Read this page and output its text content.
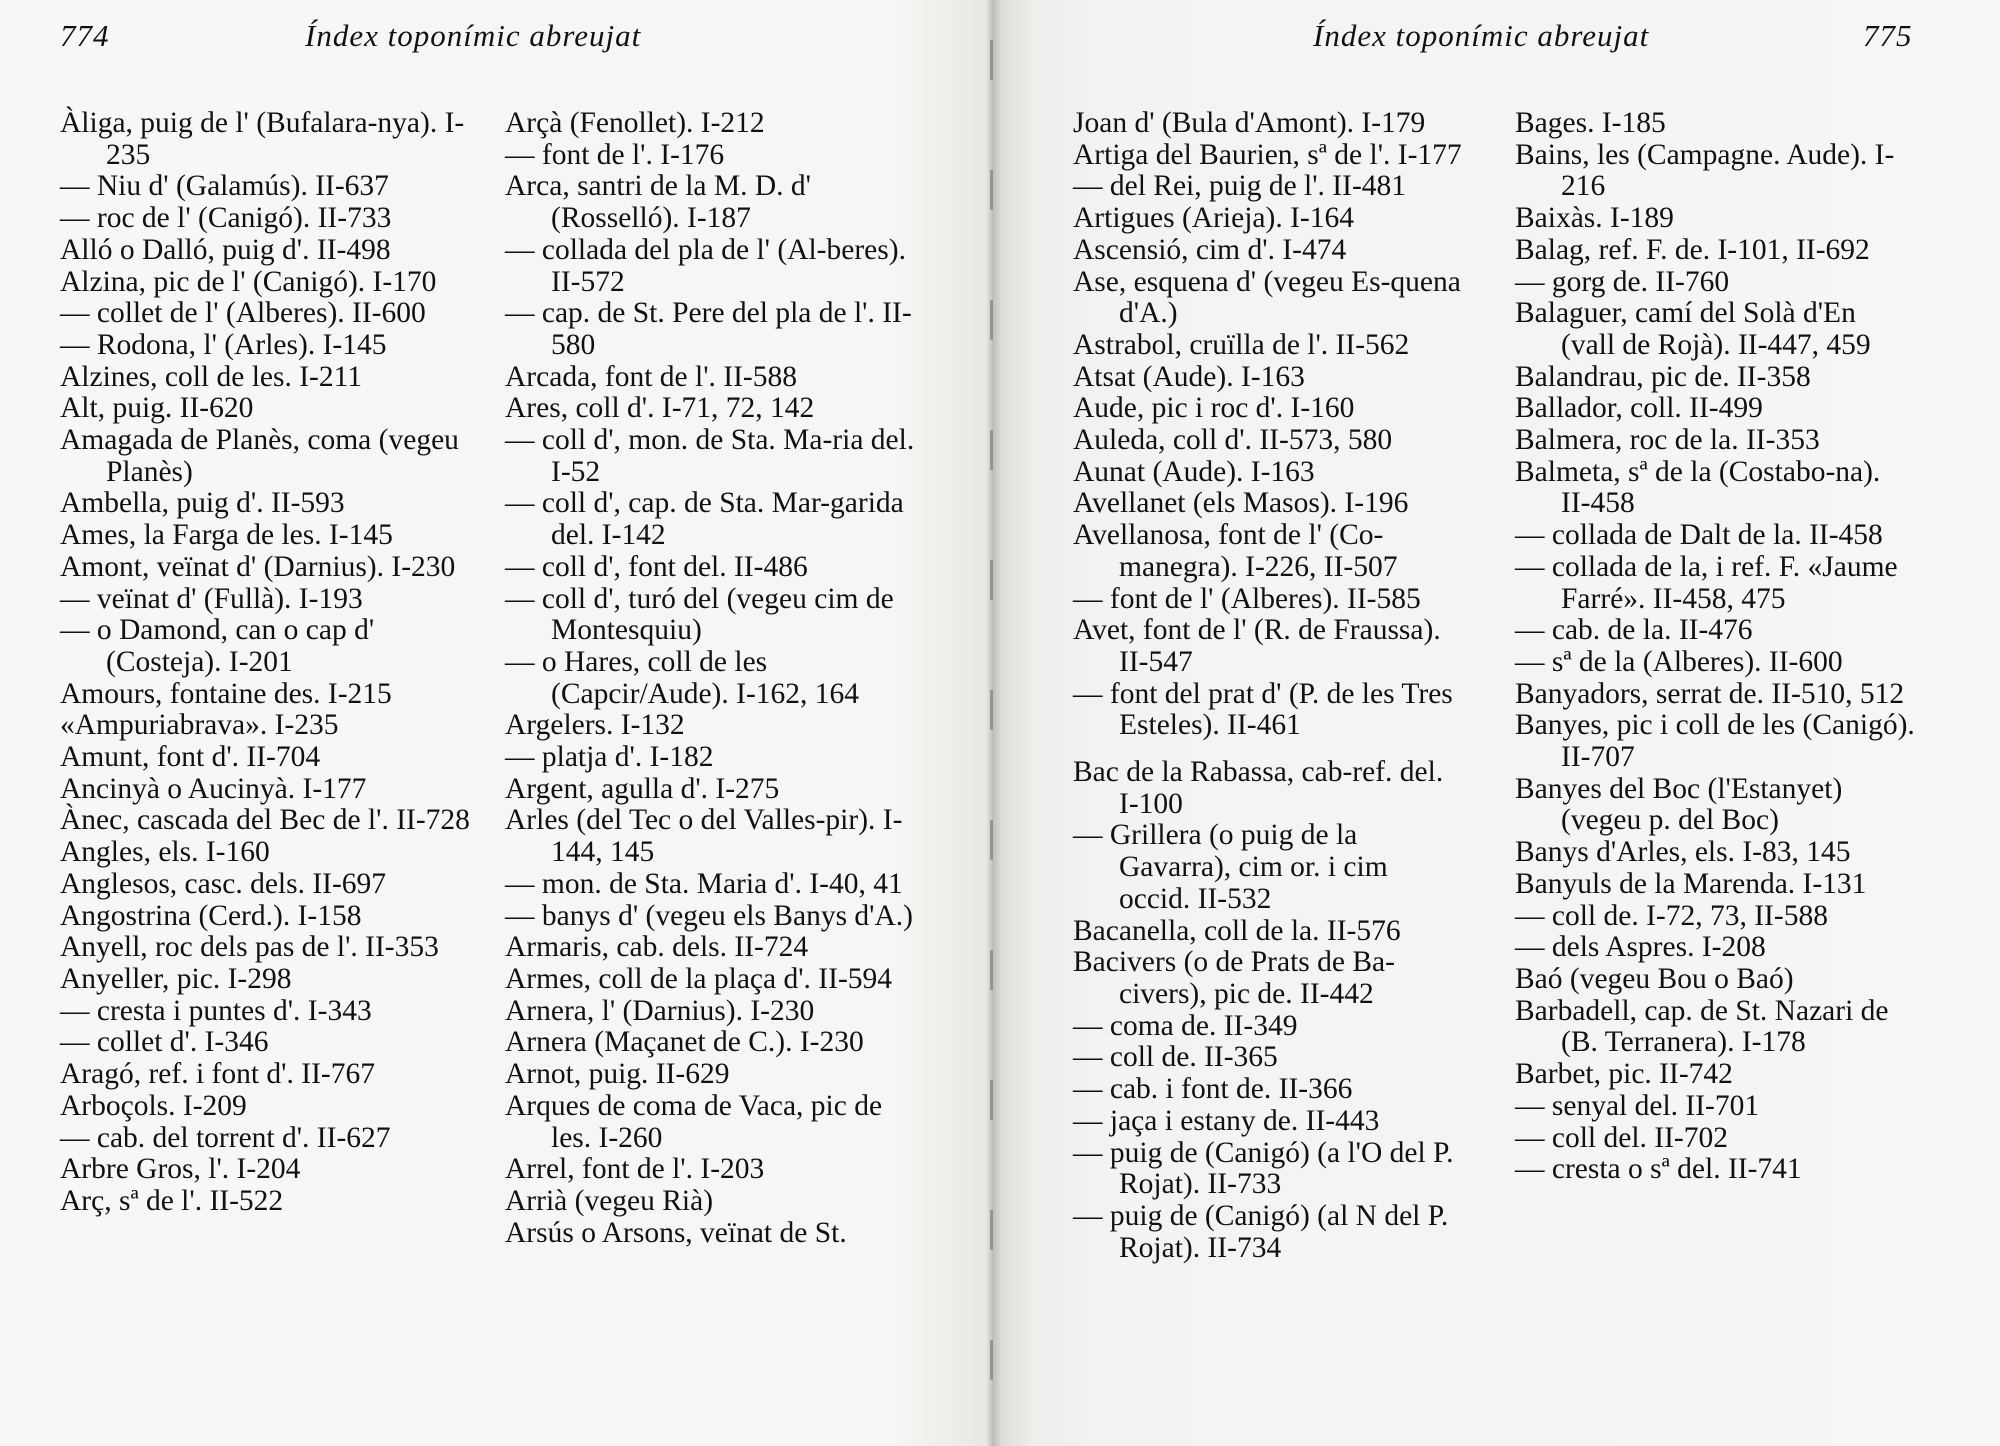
774	Índex toponímic abreujat
Àliga, puig de l' (Bufalara-nya). I-235
— Niu d' (Galamús). II-637
— roc de l' (Canigó). II-733
Alló o Dalló, puig d'. II-498
Alzina, pic de l' (Canigó). I-170
— collet de l' (Alberes). II-600
— Rodona, l' (Arles). I-145
Alzines, coll de les. I-211
Alt, puig. II-620
Amagada de Planès, coma (vegeu Planès)
Ambella, puig d'. II-593
Ames, la Farga de les. I-145
Amont, veïnat d' (Darnius). I-230
— veïnat d' (Fullà). I-193
— o Damond, can o cap d' (Costeja). I-201
Amours, fontaine des. I-215
«Ampuriabrava». I-235
Amunt, font d'. II-704
Ancinyà o Aucinyà. I-177
Ànec, cascada del Bec de l'. II-728
Angles, els. I-160
Anglesos, casc. dels. II-697
Angostrina (Cerd.). I-158
Anyell, roc dels pas de l'. II-353
Anyeller, pic. I-298
— cresta i puntes d'. I-343
— collet d'. I-346
Aragó, ref. i font d'. II-767
Arboçols. I-209
— cab. del torrent d'. II-627
Arbre Gros, l'. I-204
Arç, sª de l'. II-522
Arçà (Fenollet). I-212
— font de l'. I-176
Arca, santri de la M. D. d' (Rosselló). I-187
— collada del pla de l' (Al-beres). II-572
— cap. de St. Pere del pla de l'. II-580
Arcada, font de l'. II-588
Ares, coll d'. I-71, 72, 142
— coll d', mon. de Sta. Ma-ria del. I-52
— coll d', cap. de Sta. Mar-garida del. I-142
— coll d', font del. II-486
— coll d', turó del (vegeu cim de Montesquiu)
— o Hares, coll de les (Capcir/Aude). I-162, 164
Argelers. I-132
— platja d'. I-182
Argent, agulla d'. I-275
Arles (del Tec o del Valles-pir). I-144, 145
— mon. de Sta. Maria d'. I-40, 41
— banys d' (vegeu els Banys d'A.)
Armaris, cab. dels. II-724
Armes, coll de la plaça d'. II-594
Arnera, l' (Darnius). I-230
Arnera (Maçanet de C.). I-230
Arnot, puig. II-629
Arques de coma de Vaca, pic de les. I-260
Arrel, font de l'. I-203
Arrià (vegeu Rià)
Arsús o Arsons, veïnat de St.
Índex toponímic abreujat	775
Joan d' (Bula d'Amont). I-179
Artiga del Baurien, sª de l'. I-177
— del Rei, puig de l'. II-481
Artigues (Arieja). I-164
Ascensió, cim d'. I-474
Ase, esquena d' (vegeu Es-quena d'A.)
Astrabol, cruïlla de l'. II-562
Atsat (Aude). I-163
Aude, pic i roc d'. I-160
Auleda, coll d'. II-573, 580
Aunat (Aude). I-163
Avellanet (els Masos). I-196
Avellanosa, font de l' (Co-manegra). I-226, II-507
— font de l' (Alberes). II-585
Avet, font de l' (R. de Fraussa). II-547
— font del prat d' (P. de les Tres Esteles). II-461
Bac de la Rabassa, cab-ref. del. I-100
— Grillera (o puig de la Gavarra), cim or. i cim occid. II-532
Bacanella, coll de la. II-576
Bacivers (o de Prats de Ba-civers), pic de. II-442
— coma de. II-349
— coll de. II-365
— cab. i font de. II-366
— jaça i estany de. II-443
— puig de (Canigó) (a l'O del P. Rojat). II-733
— puig de (Canigó) (al N del P. Rojat). II-734
Bages. I-185
Bains, les (Campagne. Aude). I-216
Baixàs. I-189
Balag, ref. F. de. I-101, II-692
— gorg de. II-760
Balaguer, camí del Solà d'En (vall de Rojà). II-447, 459
Balandrau, pic de. II-358
Ballador, coll. II-499
Balmera, roc de la. II-353
Balmeta, sª de la (Costabo-na). II-458
— collada de Dalt de la. II-458
— collada de la, i ref. F. «Jaume Farré». II-458, 475
— cab. de la. II-476
— sª de la (Alberes). II-600
Banyadors, serrat de. II-510, 512
Banyes, pic i coll de les (Canigó). II-707
Banyes del Boc (l'Estanyet) (vegeu p. del Boc)
Banys d'Arles, els. I-83, 145
Banyuls de la Marenda. I-131
— coll de. I-72, 73, II-588
— dels Aspres. I-208
Baó (vegeu Bou o Baó)
Barbadell, cap. de St. Nazari de (B. Terranera). I-178
Barbet, pic. II-742
— senyal del. II-701
— coll del. II-702
— cresta o sª del. II-741
